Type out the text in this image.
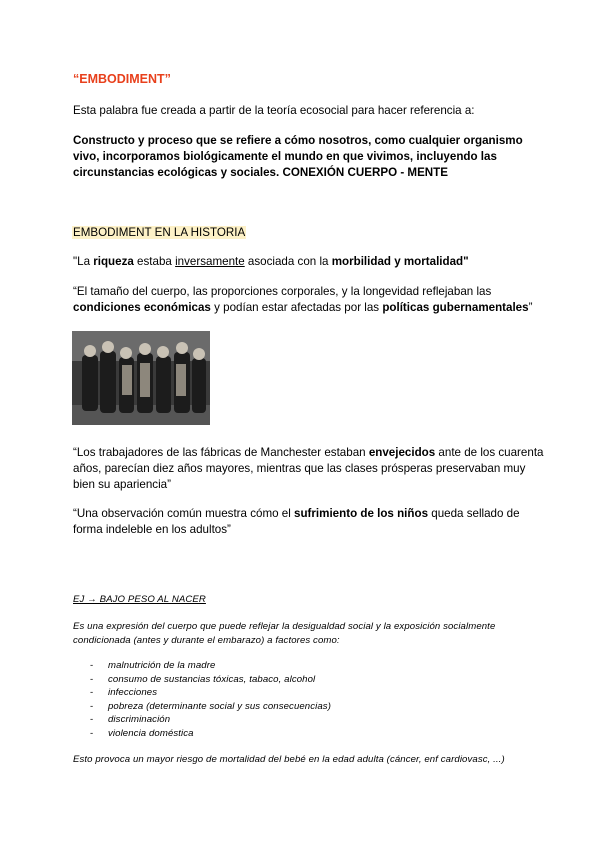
“EMBODIMENT”
Esta palabra fue creada a partir de la teoría ecosocial para hacer referencia a:
Constructo y proceso que se refiere a cómo nosotros, como cualquier organismo
vivo, incorporamos biológicamente el mundo en que vivimos, incluyendo las
circunstancias ecológicas y sociales. CONEXIÓN CUERPO - MENTE
EMBODIMENT EN LA HISTORIA
"La riqueza estaba inversamente asociada con la morbilidad y mortalidad"
“El tamaño del cuerpo, las proporciones corporales, y la longevidad reflejaban las
condiciones económicas y podían estar afectadas por las políticas gubernamentales”
“Los trabajadores de las fábricas de Manchester estaban envejecidos ante de los cuarenta
años, parecían diez años mayores, mientras que las clases prósperas preservaban muy
bien su apariencia”
“Una observación común muestra cómo el sufrimiento de los niños queda sellado de
forma indeleble en los adultos”
EJ → BAJO PESO AL NACER
Es una expresión del cuerpo que puede reflejar la desigualdad social y la exposición socialmente
condicionada (antes y durante el embarazo) a factores como:
- malnutrición de la madre
- consumo de sustancias tóxicas, tabaco, alcohol
- infecciones
- pobreza (determinante social y sus consecuencias)
- discriminación
- violencia doméstica
Esto provoca un mayor riesgo de mortalidad del bebé en la edad adulta (cáncer, enf cardiovasc, ...)
